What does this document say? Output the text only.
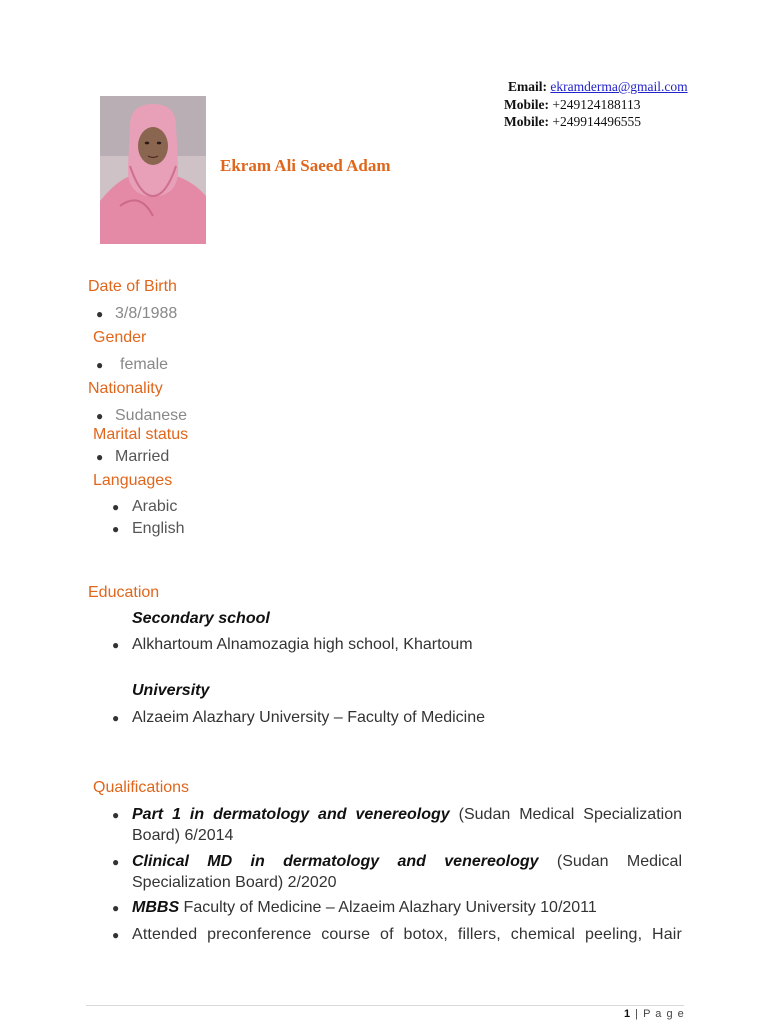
Email: ekramderma@gmail.com
Mobile: +249124188113
Mobile: +249914496555
Ekram Ali Saeed Adam
Date of Birth
● 3/8/1988
Gender
● female
Nationality
● Sudanese
Marital status
● Married
Languages
● Arabic
● English
Education
Secondary school
● Alkhartoum Alnamozagia high school, Khartoum
University
● Alzaeim Alazhary University – Faculty of Medicine
Qualifications
● Part 1 in dermatology and venereology (Sudan Medical Specialization Board) 6/2014
● Clinical MD in dermatology and venereology (Sudan Medical Specialization Board) 2/2020
● MBBS Faculty of Medicine – Alzaeim Alazhary University 10/2011
● Attended preconference course of botox, fillers, chemical peeling, Hair
1 | P a g e
